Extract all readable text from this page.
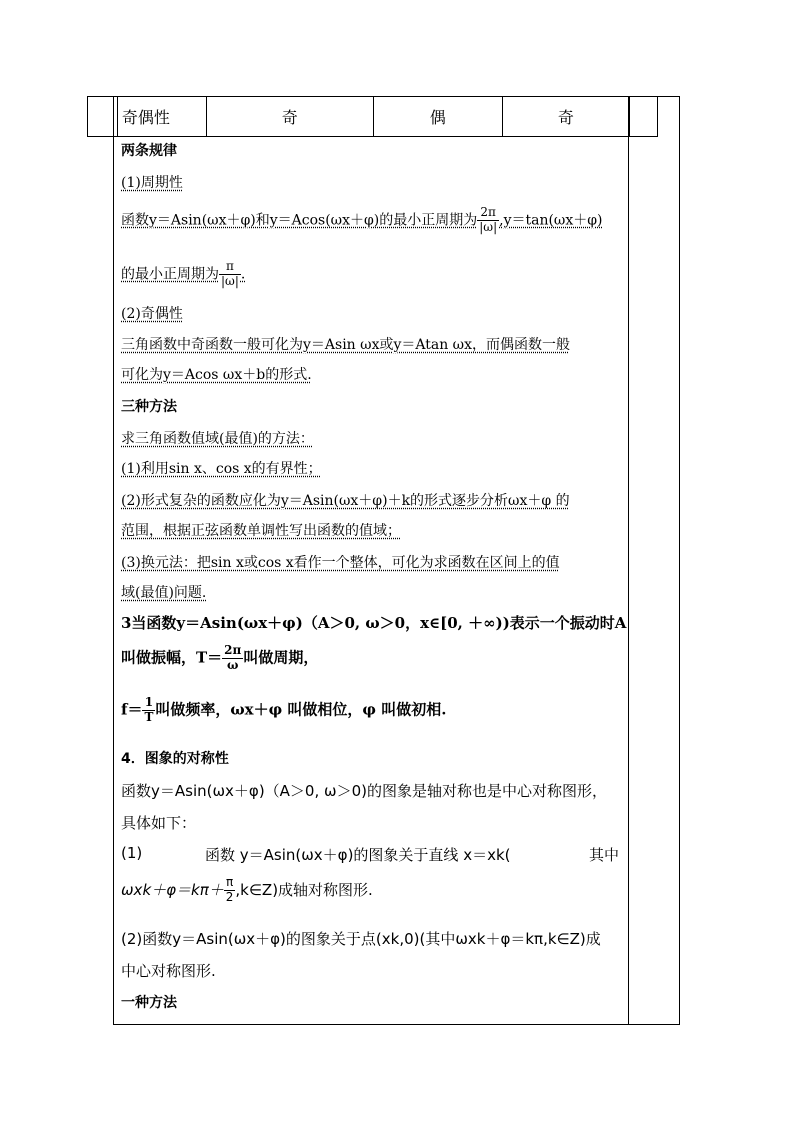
奇偶性	奇	偶	奇
两条规律
(1)周期性
函数y＝Asin(ωx＋φ)和y＝Acos(ωx＋φ)的最小正周期为 $\frac{2\pi}{|\omega|} ,y=\tan(\omega x+\varphi)$
的最小正周期为 $\frac{\pi}{|\omega|}$ .
(2)奇偶性
三角函数中奇函数一般可化为y＝Asin ωx或y＝Atan ωx，而偶函数一般
可化为y＝Acos ωx＋b的形式.
三种方法
求三角函数值域(最值)的方法：
(1)利用sin x、cos x的有界性；
(2)形式复杂的函数应化为y＝Asin(ωx＋φ)＋k的形式逐步分析ωx＋φ 的
范围，根据正弦函数单调性写出函数的值域；
(3)换元法：把sin x或cos x看作一个整体，可化为求函数在区间上的值
域(最值)问题.
3当函数y＝Asin(ωx＋φ)（A＞0, ω＞0，x∈[0, ＋∞))表示一个振动时A
叫做振幅，$T= \frac{2\pi}{\omega}$ 叫做周期，
$f= \frac{1}{T}$ 叫做频率，ωx＋φ 叫做相位，φ 叫做初相.
4．图象的对称性
函数y＝Asin(ωx＋φ)（A＞0, ω＞0)的图象是轴对称也是中心对称图形，
具体如下：
(1)	函数 y＝Asin(ωx＋φ)的图象关于直线 x＝xk(	其中
$\omega xk+\varphi=k\pi+ \frac{\pi}{2}$ ,k∈Z)成轴对称图形.
(2)函数y＝Asin(ωx＋φ)的图象关于点(xk,0)(其中ωxk＋φ＝kπ,k∈Z)成
中心对称图形.
一种方法
